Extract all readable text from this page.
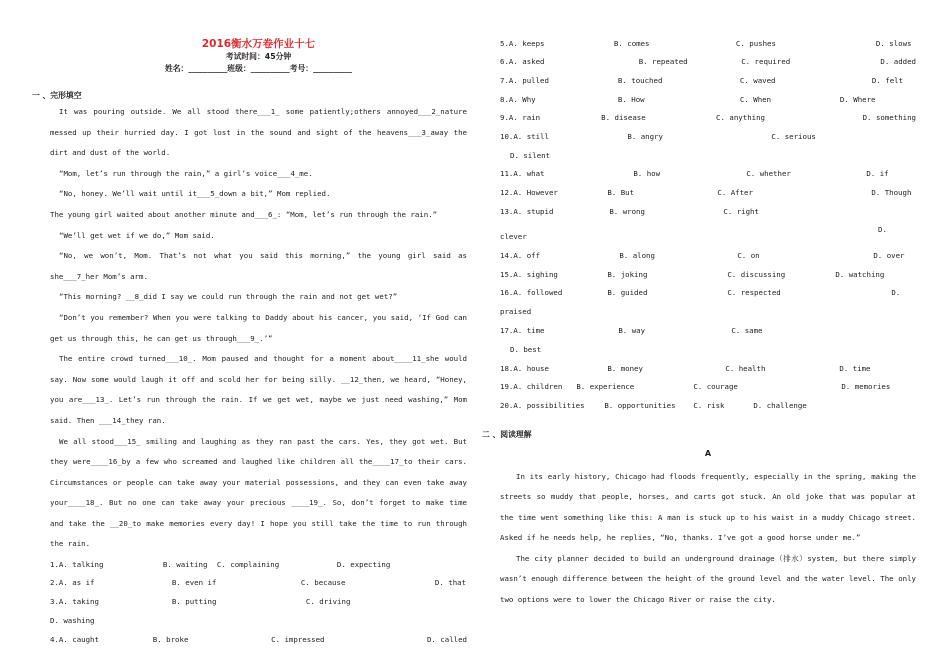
2016衡水万卷作业十七
考试时间：45分钟
姓名：__________班级：__________考号：__________
一 、完形填空

It was pouring outside. We all stood there___1_ some patiently;others annoyed___2_nature messed up their hurried day. I got lost in the sound and sight of the heavens___3_away the dirt and dust of the world.

“Mom, let’s run through the rain,” a girl’s voice___4_me.

“No, honey. We’ll wait until it___5_down a bit,” Mom replied.

The young girl waited about another minute and___6_: “Mom, let’s run through the rain.”

“We’ll get wet if we do,” Mom said.

“No, we won’t, Mom. That’s not what you said this morning,” the young girl said as she___7_her Mom’s arm.

“This morning? __8_did I say we could run through the rain and not get wet?”

“Don’t you remember? When you were talking to Daddy about his cancer, you said, ‘If God can get us through this, he can get us through___9_.’”

The entire crowd turned___10_. Mom paused and thought for a moment about____11_she would say. Now some would laugh it off and scold her for being silly. __12_then, we heard, “Honey, you are___13_. Let’s run through the rain. If we get wet, maybe we just need washing,” Mom said. Then ___14_they ran.

We all stood___15_ smiling and laughing as they ran past the cars. Yes, they got wet. But they were____16_by a few who screamed and laughed like children all the____17_to their cars. Circumstances or people can take away your material possessions, and they can even take away your____18_. But no one can take away your precious ____19_. So, don’t forget to make time and take the __20_to make memories every day! I hope you still take the time to run through the rain.

1. A. talking	B. waiting	C. complaining	D. expecting
2. A. as if	B. even if	C. because	D. that
3. A. taking	B. putting	C. driving
D. washing
4. A. caught	B. broke	C. impressed	D. called
5. A. keeps	B. comes	C. pushes	D. slows
6. A. asked	B. repeated	C. required	D. added
7. A. pulled	B. touched	C. waved	D. felt
8. A. Why	B. How	C. When	D. Where
9. A. rain	B. disease	C. anything	D. something
10. A. still	B. angry	C. serious
D. silent
11. A. what	B. how	C. whether	D. if
12. A. However	B. But	C. After	D. Though
13. A. stupid	B. wrong	C. right
D.
clever
14. A. off	B. along	C. on	D. over
15. A. sighing	B. joking	C. discussing	D. watching
16. A. followed	B. guided	C. respected	D.
praised
17. A. time	B. way	C. same
D. best
18. A. house	B. money	C. health	D. time
19. A. children	B. experience	C. courage	D. memories
20. A. possibilities	B. opportunities	C. risk	D. challenge
二 、阅读理解
A

In its early history, Chicago had floods frequently, especially in the spring, making the streets so muddy that people, horses, and carts got stuck. An old joke that was popular at the time went something like this: A man is stuck up to his waist in a muddy Chicago street. Asked if he needs help, he replies, “No, thanks. I’ve got a good horse under me.”

The city planner decided to build an underground drainage（排水）system, but there simply wasn’t enough difference between the height of the ground level and the water level. The only two options were to lower the Chicago River or raise the city.
